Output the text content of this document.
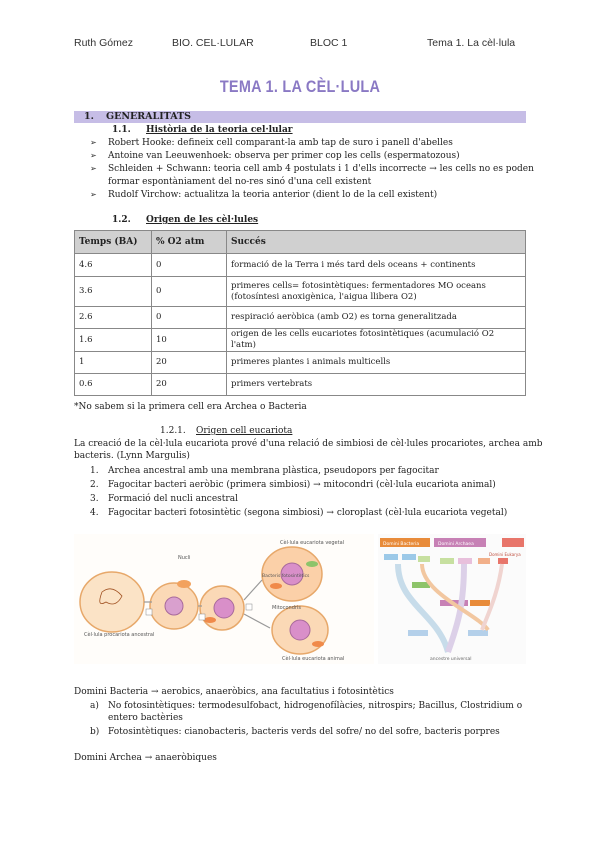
Ruth Gómez	BIO. CEL·LULAR	BLOC 1	Tema 1. La cèl·lula
TEMA 1. LA CÈL·LULA
1. GENERALITATS
1.1. Història de la teoria cel·lular
➢ Robert Hooke: defineix cell comparant-la amb tap de suro i panell d'abelles
➢ Antoine van Leeuwenhoek: observa per primer cop les cells (espermatozous)
➢ Schleiden + Schwann: teoria cell amb 4 postulats i 1 d'ells incorrecte → les cells no es poden
formar espontàniament del no-res sinó d'una cell existent
➢ Rudolf Virchow: actualitza la teoria anterior (dient lo de la cell existent)
1.2. Origen de les cèl·lules
Temps (BA)	% O2 atm	Succés
4.6	0	formació de la Terra i més tard dels oceans + continents
3.6	0	primeres cells= fotosintètiques: fermentadores MO oceans
(fotosíntesi anoxigènica, l'aigua llibera O2)

2.6	0	respiració aeròbica (amb O2) es torna generalitzada
1.6	10	origen de les cells eucariotes fotosintètiques (acumulació O2 l'atm)
1	20	primeres plantes i animals multicells
0.6	20	primers vertebrats
*No sabem si la primera cell era Archea o Bacteria
1.2.1. Origen cell eucariota
La creació de la cèl·lula eucariota prové d'una relació de simbiosi de cèl·lules procariotes, archea amb
bacteris. (Lynn Margulis)
1. Archea ancestral amb una membrana plàstica, pseudopors per fagocitar
2. Fagocitar bacteri aeròbic (primera simbiosi) → mitocondri (cèl·lula eucariota animal)
3. Formació del nucli ancestral
4. Fagocitar bacteri fotosintètic (segona simbiosi) → cloroplast (cèl·lula eucariota vegetal)
Cèl·lula procariota ancestral
Nucli
Cèl·lula eucariota vegetal
Bacteris fotosintètics
Mitocondris
Cèl·lula eucariota animal
Domini Bacteria	Domini Archaea
Domini Eukarya
ancestre universal
Domini Bacteria → aerobics, anaeròbics, ana facultatius i fotosintètics
a) No fotosintètiques: termodesulfobact, hidrogenofílàcies, nitrospirs; Bacillus, Clostridium o
entero bactèries
b) Fotosintètiques: cianobacteris, bacteris verds del sofre/ no del sofre, bacteris porpres
Domini Archea → anaeròbiques
